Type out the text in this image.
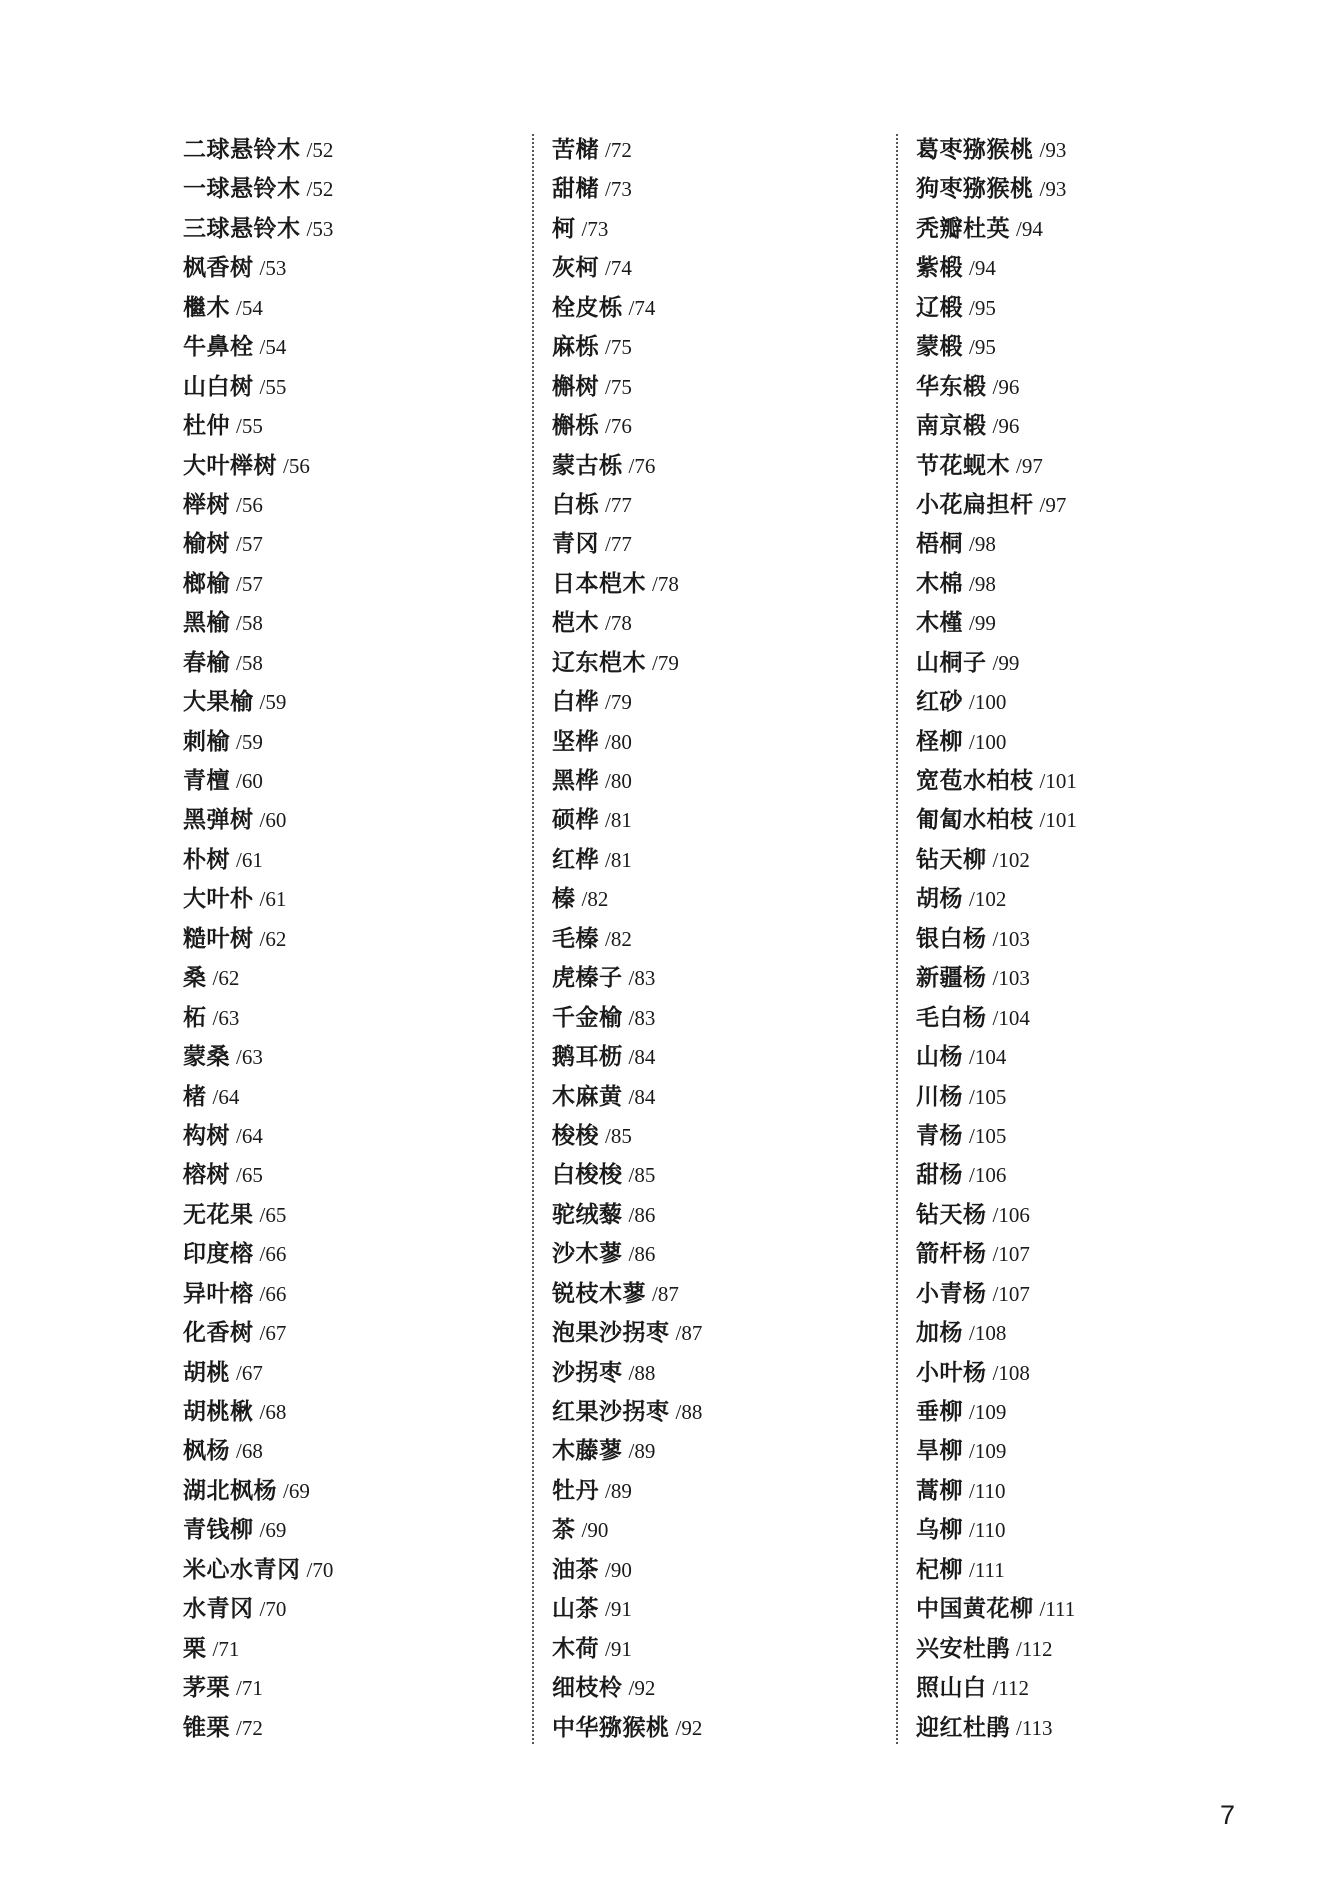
二球悬铃木 /52
一球悬铃木 /52
三球悬铃木 /53
枫香树 /53
檵木 /54
牛鼻栓 /54
山白树 /55
杜仲 /55
大叶榉树 /56
榉树 /56
榆树 /57
榔榆 /57
黑榆 /58
春榆 /58
大果榆 /59
刺榆 /59
青檀 /60
黑弹树 /60
朴树 /61
大叶朴 /61
糙叶树 /62
桑 /62
柘 /63
蒙桑 /63
楮 /64
构树 /64
榕树 /65
无花果 /65
印度榕 /66
异叶榕 /66
化香树 /67
胡桃 /67
胡桃楸 /68
枫杨 /68
湖北枫杨 /69
青钱柳 /69
米心水青冈 /70
水青冈 /70
栗 /71
茅栗 /71
锥栗 /72
苦槠 /72
甜槠 /73
柯 /73
灰柯 /74
栓皮栎 /74
麻栎 /75
槲树 /75
槲栎 /76
蒙古栎 /76
白栎 /77
青冈 /77
日本桤木 /78
桤木 /78
辽东桤木 /79
白桦 /79
坚桦 /80
黑桦 /80
硕桦 /81
红桦 /81
榛 /82
毛榛 /82
虎榛子 /83
千金榆 /83
鹅耳枥 /84
木麻黄 /84
梭梭 /85
白梭梭 /85
驼绒藜 /86
沙木蓼 /86
锐枝木蓼 /87
泡果沙拐枣 /87
沙拐枣 /88
红果沙拐枣 /88
木藤蓼 /89
牡丹 /89
茶 /90
油茶 /90
山茶 /91
木荷 /91
细枝柃 /92
中华猕猴桃 /92
葛枣猕猴桃 /93
狗枣猕猴桃 /93
秃瓣杜英 /94
紫椴 /94
辽椴 /95
蒙椴 /95
华东椴 /96
南京椴 /96
节花蚬木 /97
小花扁担杆 /97
梧桐 /98
木棉 /98
木槿 /99
山桐子 /99
红砂 /100
柽柳 /100
宽苞水柏枝 /101
匍匐水柏枝 /101
钻天柳 /102
胡杨 /102
银白杨 /103
新疆杨 /103
毛白杨 /104
山杨 /104
川杨 /105
青杨 /105
甜杨 /106
钻天杨 /106
箭杆杨 /107
小青杨 /107
加杨 /108
小叶杨 /108
垂柳 /109
旱柳 /109
蒿柳 /110
乌柳 /110
杞柳 /111
中国黄花柳 /111
兴安杜鹃 /112
照山白 /112
迎红杜鹃 /113
7
